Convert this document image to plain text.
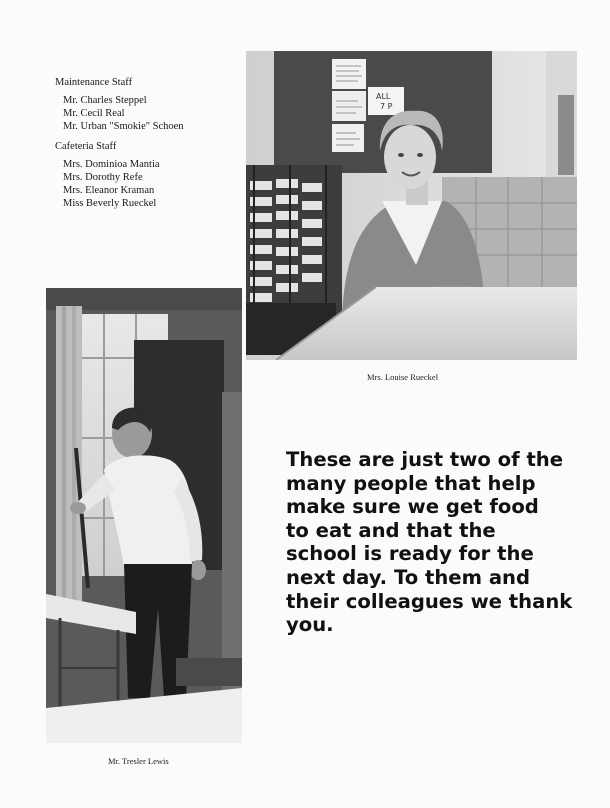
Maintenance Staff
Mr. Charles Steppel
Mr. Cecil Real
Mr. Urban "Smokie" Schoen
Cafeteria Staff
Mrs. Dominioa Mantia
Mrs. Dorothy Refe
Mrs. Eleanor Kraman
Miss Beverly Rueckel
ALL
7 P
Mrs. Louise Rueckel
Mr. Tresler Lewis
These are just two of the
many people that help
make sure we get food
to eat and that the
school is ready for the
next day. To them and
their colleagues we thank
you.
